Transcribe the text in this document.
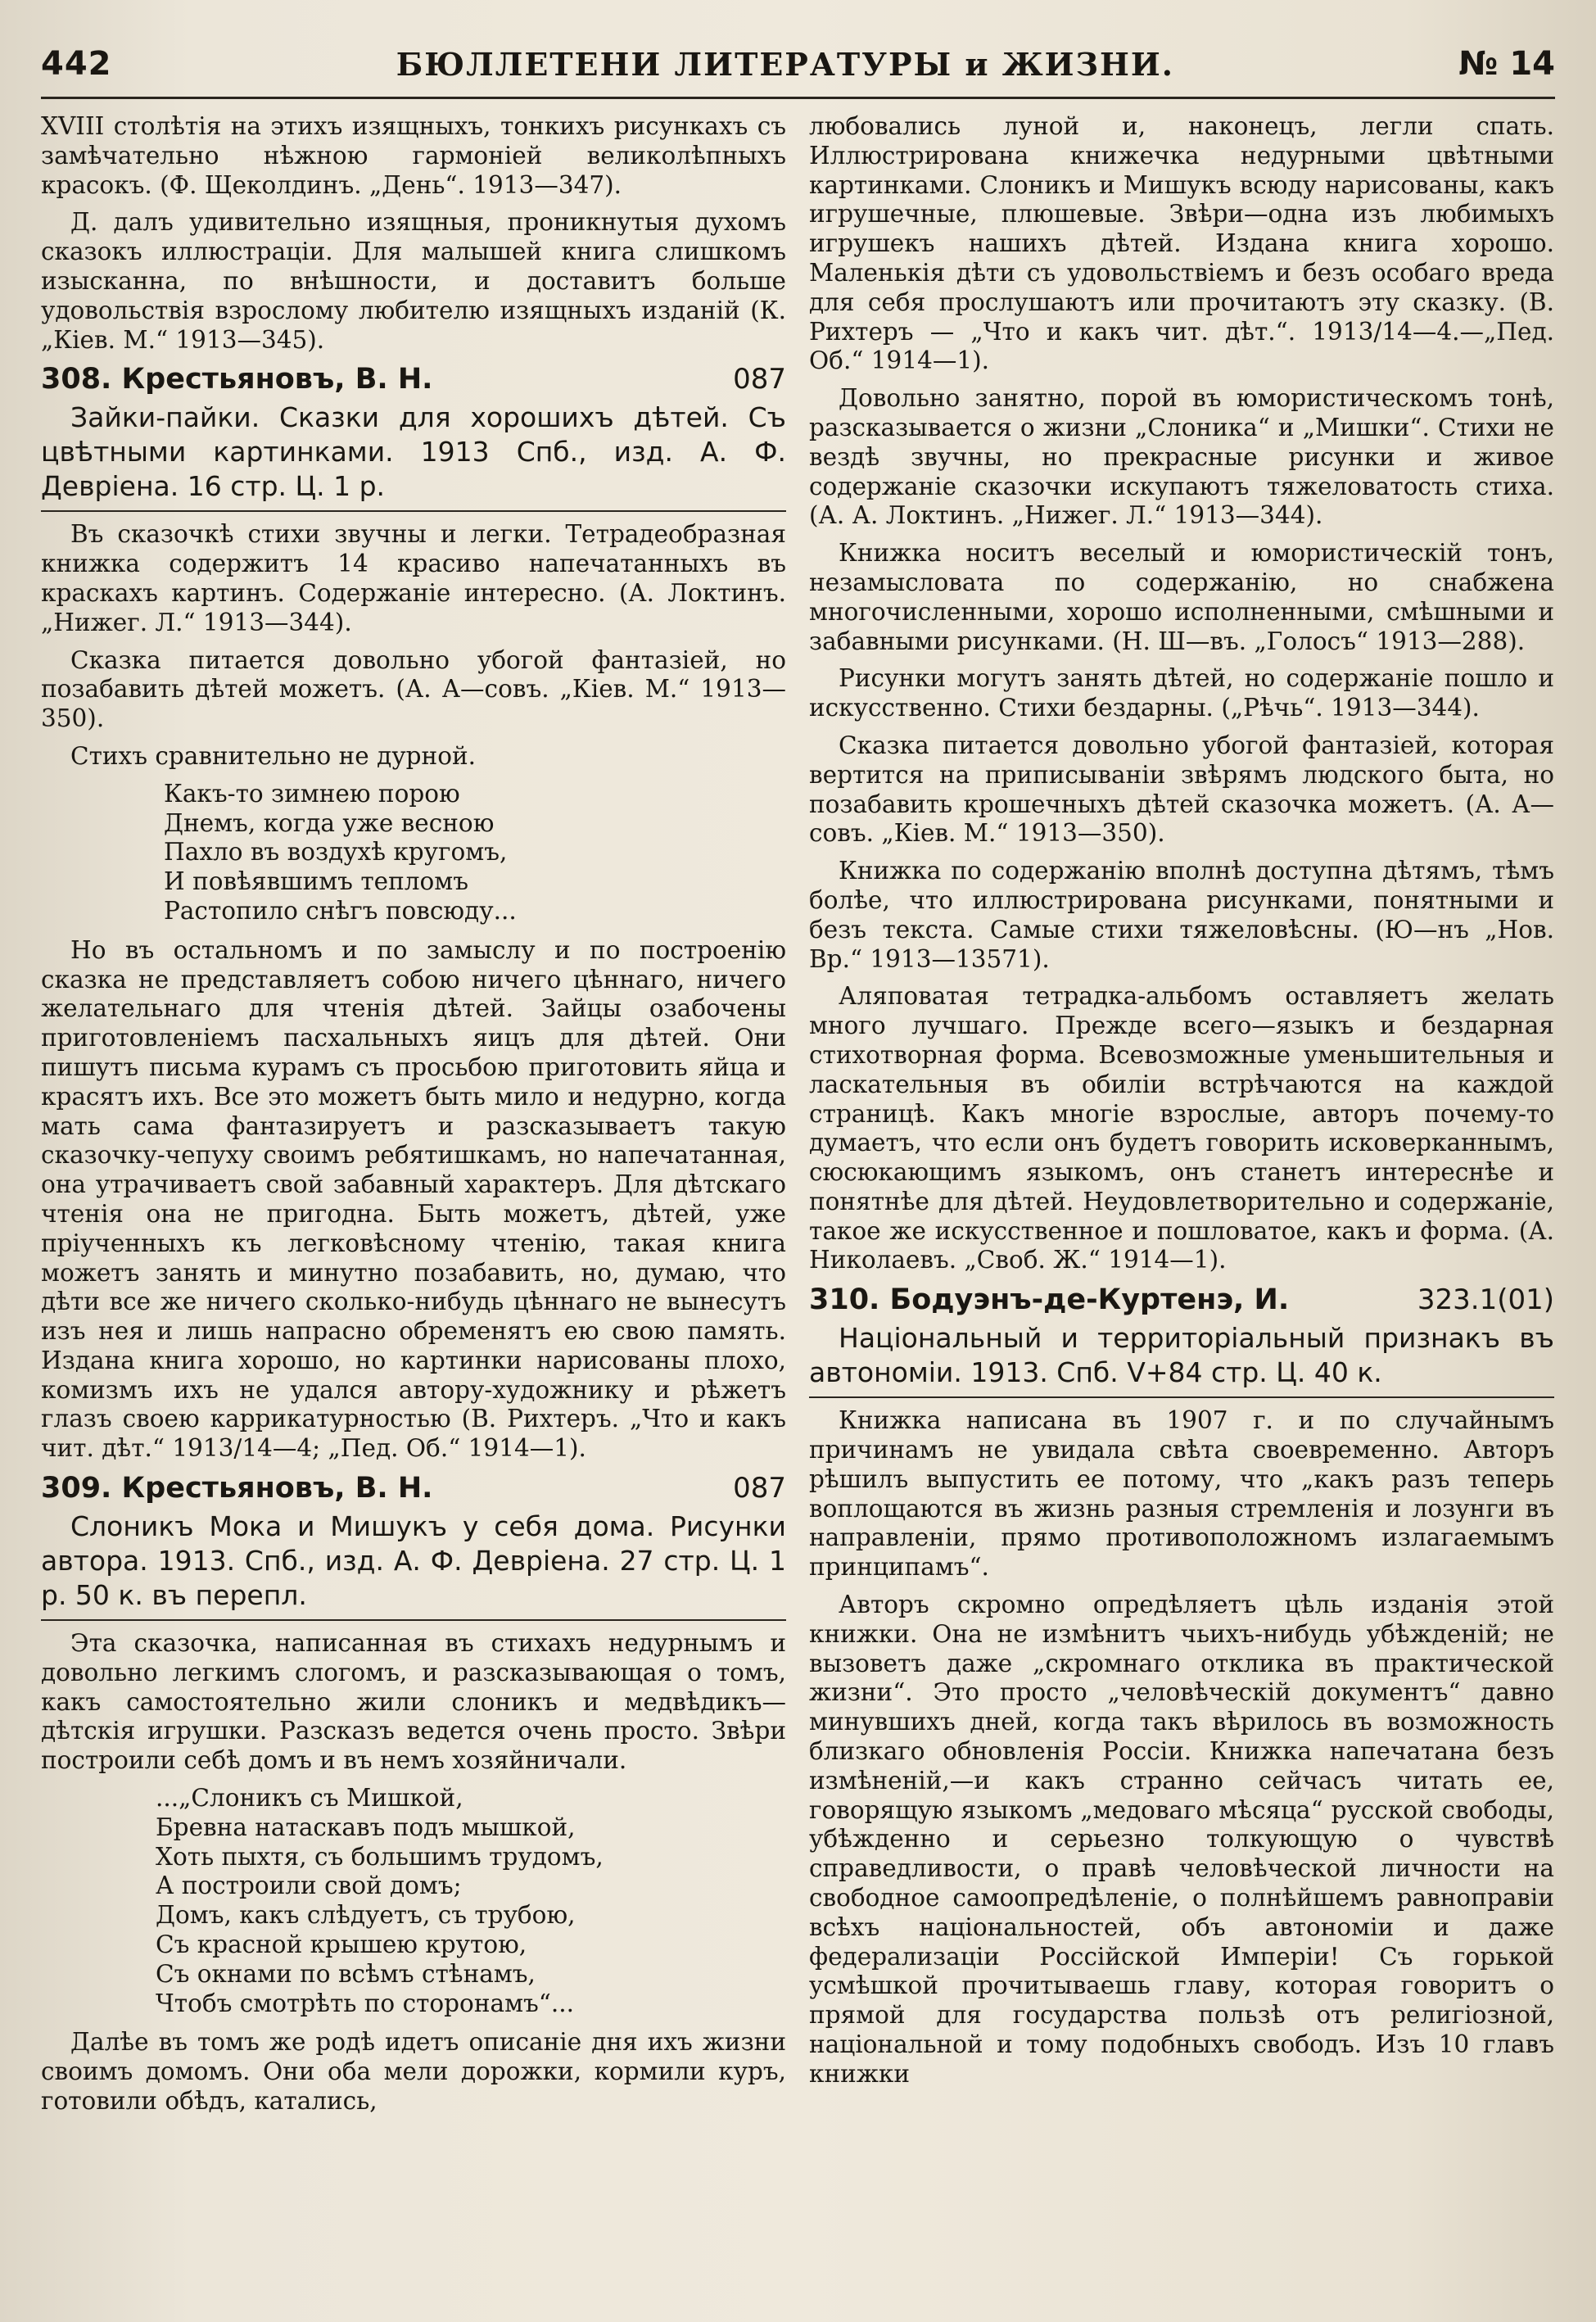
442	БЮЛЛЕТЕНИ ЛИТЕРАТУРЫ и ЖИЗНИ.	№ 14

XVIII столѣтія на этихъ изящныхъ, тонкихъ рисункахъ съ замѣчательно нѣжною гармоніей великолѣпныхъ красокъ. (Ф. Щеколдинъ. „День“. 1913—347).

Д. далъ удивительно изящныя, проникнутыя духомъ сказокъ иллюстраціи. Для малышей книга слишкомъ изысканна, по внѣшности, и доставитъ больше удовольствія взрослому любителю изящныхъ изданій (К. „Кіев. М.“ 1913—345).

308. Крестьяновъ, В. Н.	087

Зайки-пайки. Сказки для хорошихъ дѣтей. Съ цвѣтными картинками. 1913 Спб., изд. А. Ф. Девріена. 16 стр. Ц. 1 р.

Въ сказочкѣ стихи звучны и легки. Тетрадеобразная книжка содержитъ 14 красиво напечатанныхъ въ краскахъ картинъ. Содержаніе интересно. (А. Локтинъ. „Нижег. Л.“ 1913—344).

Сказка питается довольно убогой фантазіей, но позабавить дѣтей можетъ. (А. А—совъ. „Кіев. М.“ 1913—350).

Стихъ сравнительно не дурной.

Какъ-то зимнею порою
Днемъ, когда уже весною
Пахло въ воздухѣ кругомъ,
И повѣявшимъ тепломъ
Растопило снѣгъ повсюду...

Но въ остальномъ и по замыслу и по построенію сказка не представляетъ собою ничего цѣннаго, ничего желательнаго для чтенія дѣтей. Зайцы озабочены приготовленіемъ пасхальныхъ яицъ для дѣтей. Они пишутъ письма курамъ съ просьбою приготовить яйца и красятъ ихъ. Все это можетъ быть мило и недурно, когда мать сама фантазируетъ и разсказываетъ такую сказочку-чепуху своимъ ребятишкамъ, но напечатанная, она утрачиваетъ свой забавный характеръ. Для дѣтскаго чтенія она не пригодна. Быть можетъ, дѣтей, уже пріученныхъ къ легковѣсному чтенію, такая книга можетъ занять и минутно позабавить, но, думаю, что дѣти все же ничего сколько-нибудь цѣннаго не вынесутъ изъ нея и лишь напрасно обременятъ ею свою память. Издана книга хорошо, но картинки нарисованы плохо, комизмъ ихъ не удался автору-художнику и рѣжетъ глазъ своею каррикатурностью (В. Рихтеръ. „Что и какъ чит. дѣт.“ 1913/14—4; „Пед. Об.“ 1914—1).

309. Крестьяновъ, В. Н.	087

Слоникъ Мока и Мишукъ у себя дома. Рисунки автора. 1913. Спб., изд. А. Ф. Девріена. 27 стр. Ц. 1 р. 50 к. въ перепл.

Эта сказочка, написанная въ стихахъ недурнымъ и довольно легкимъ слогомъ, и разсказывающая о томъ, какъ самостоятельно жили слоникъ и медвѣдикъ—дѣтскія игрушки. Разсказъ ведется очень просто. Звѣри построили себѣ домъ и въ немъ хозяйничали.

...„Слоникъ съ Мишкой,
Бревна натаскавъ подъ мышкой,
Хоть пыхтя, съ большимъ трудомъ,
А построили свой домъ;
Домъ, какъ слѣдуетъ, съ трубою,
Съ красной крышею крутою,
Съ окнами по всѣмъ стѣнамъ,
Чтобъ смотрѣть по сторонамъ“...

Далѣе въ томъ же родѣ идетъ описаніе дня ихъ жизни своимъ домомъ. Они оба мели дорожки, кормили куръ, готовили обѣдъ, катались,

любовались луной и, наконецъ, легли спать. Иллюстрирована книжечка недурными цвѣтными картинками. Слоникъ и Мишукъ всюду нарисованы, какъ игрушечные, плюшевые. Звѣри—одна изъ любимыхъ игрушекъ нашихъ дѣтей. Издана книга хорошо. Маленькія дѣти съ удовольствіемъ и безъ особаго вреда для себя прослушаютъ или прочитаютъ эту сказку. (В. Рихтеръ — „Что и какъ чит. дѣт.“. 1913/14—4.—„Пед. Об.“ 1914—1).

Довольно занятно, порой въ юмористическомъ тонѣ, разсказывается о жизни „Слоника“ и „Мишки“. Стихи не вездѣ звучны, но прекрасные рисунки и живое содержаніе сказочки искупаютъ тяжеловатость стиха. (А. А. Локтинъ. „Нижег. Л.“ 1913—344).

Книжка носитъ веселый и юмористическій тонъ, незамысловата по содержанію, но снабжена многочисленными, хорошо исполненными, смѣшными и забавными рисунками. (Н. Ш—въ. „Голосъ“ 1913—288).

Рисунки могутъ занять дѣтей, но содержаніе пошло и искусственно. Стихи бездарны. („Рѣчь“. 1913—344).

Сказка питается довольно убогой фантазіей, которая вертится на приписываніи звѣрямъ людского быта, но позабавить крошечныхъ дѣтей сказочка можетъ. (А. А—совъ. „Кіев. М.“ 1913—350).

Книжка по содержанію вполнѣ доступна дѣтямъ, тѣмъ болѣе, что иллюстрирована рисунками, понятными и безъ текста. Самые стихи тяжеловѣсны. (Ю—нъ „Нов. Вр.“ 1913—13571).

Аляповатая тетрадка-альбомъ оставляетъ желать много лучшаго. Прежде всего—языкъ и бездарная стихотворная форма. Всевозможные уменьшительныя и ласкательныя въ обиліи встрѣчаются на каждой страницѣ. Какъ многіе взрослые, авторъ почему-то думаетъ, что если онъ будетъ говорить исковерканнымъ, сюсюкающимъ языкомъ, онъ станетъ интереснѣе и понятнѣе для дѣтей. Неудовлетворительно и содержаніе, такое же искусственное и пошловатое, какъ и форма. (А. Николаевъ. „Своб. Ж.“ 1914—1).

310. Бодуэнъ-де-Куртенэ, И.	323.1(01)

Національный и территоріальный признакъ въ автономіи. 1913. Спб. V+84 стр. Ц. 40 к.

Книжка написана въ 1907 г. и по случайнымъ причинамъ не увидала свѣта своевременно. Авторъ рѣшилъ выпустить ее потому, что „какъ разъ теперь воплощаются въ жизнь разныя стремленія и лозунги въ направленіи, прямо противоположномъ излагаемымъ принципамъ“.

Авторъ скромно опредѣляетъ цѣль изданія этой книжки. Она не измѣнитъ чьихъ-нибудь убѣжденій; не вызоветъ даже „скромнаго отклика въ практической жизни“. Это просто „человѣческій документъ“ давно минувшихъ дней, когда такъ вѣрилось въ возможность близкаго обновленія Россіи. Книжка напечатана безъ измѣненій,—и какъ странно сейчасъ читать ее, говорящую языкомъ „медоваго мѣсяца“ русской свободы, убѣжденно и серьезно толкующую о чувствѣ справедливости, о правѣ человѣческой личности на свободное самоопредѣленіе, о полнѣйшемъ равноправіи всѣхъ національностей, объ автономіи и даже федерализаціи Россійской Имперіи! Съ горькой усмѣшкой прочитываешь главу, которая говоритъ о прямой для государства пользѣ отъ религіозной, національной и тому подобныхъ свободъ. Изъ 10 главъ книжки
